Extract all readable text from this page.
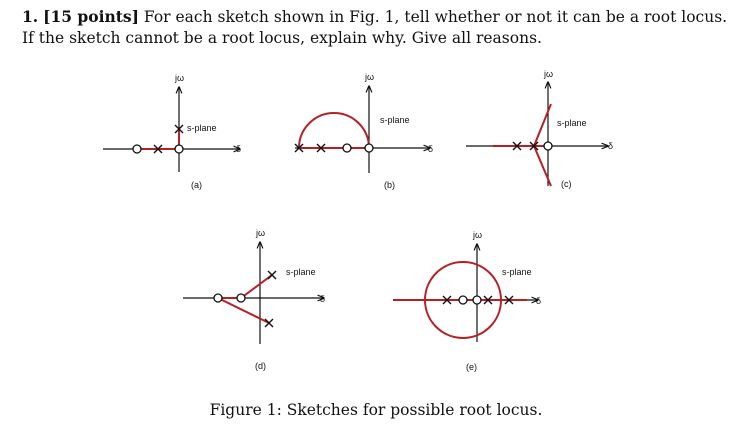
1. [15 points] For each sketch shown in Fig. 1, tell whether or not it can be a root locus. If the sketch cannot be a root locus, explain why. Give all reasons.

jω
δ
s-plane
(a)
jω
δ
s-plane
(b)
jω
δ
s-plane
(c)
jω
δ
s-plane
(d)
jω
δ
s-plane
(e)

Figure 1: Sketches for possible root locus.
